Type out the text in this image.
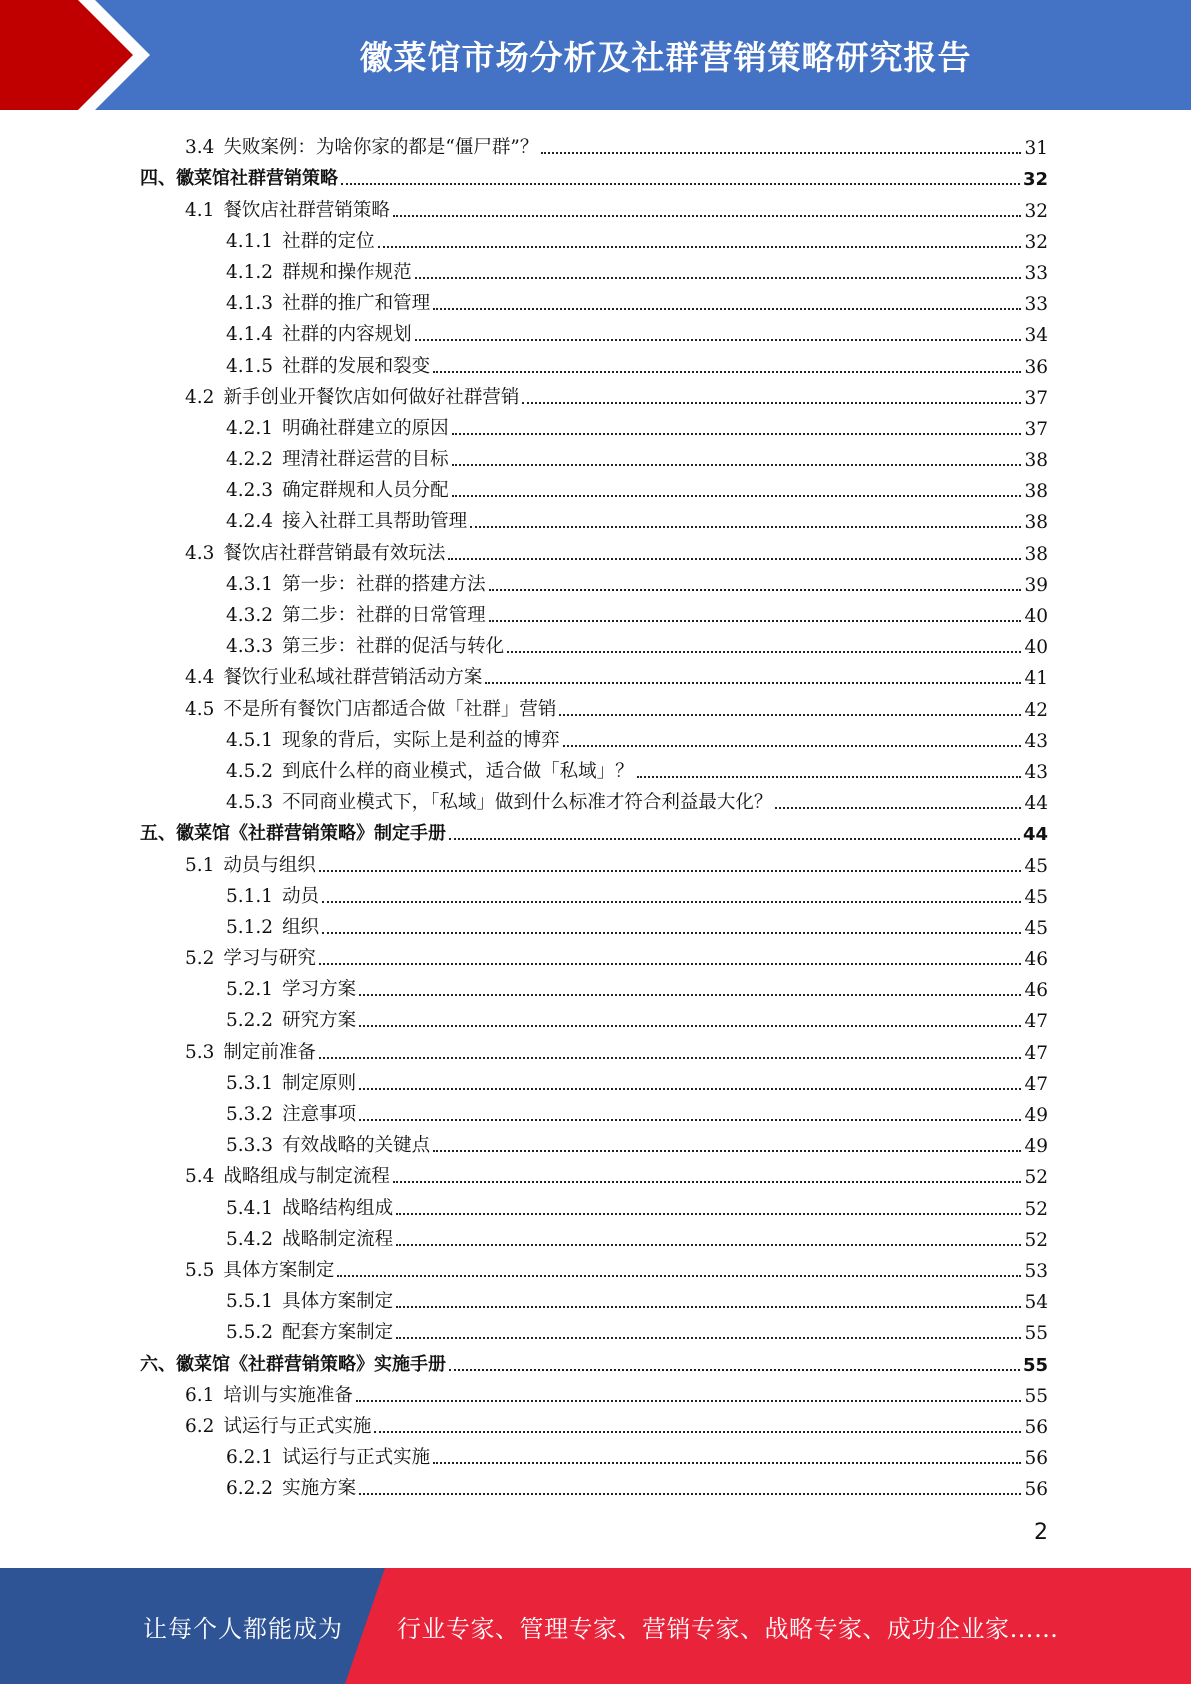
徽菜馆市场分析及社群营销策略研究报告
3.4 失败案例：为啥你家的都是“僵尸群”？	31
四、徽菜馆社群营销策略	32
4.1 餐饮店社群营销策略	32
4.1.1 社群的定位	32
4.1.2 群规和操作规范	33
4.1.3 社群的推广和管理	33
4.1.4 社群的内容规划	34
4.1.5 社群的发展和裂变	36
4.2 新手创业开餐饮店如何做好社群营销	37
4.2.1 明确社群建立的原因	37
4.2.2 理清社群运营的目标	38
4.2.3 确定群规和人员分配	38
4.2.4 接入社群工具帮助管理	38
4.3 餐饮店社群营销最有效玩法	38
4.3.1 第一步：社群的搭建方法	39
4.3.2 第二步：社群的日常管理	40
4.3.3 第三步：社群的促活与转化	40
4.4 餐饮行业私域社群营销活动方案	41
4.5 不是所有餐饮门店都适合做「社群」营销	42
4.5.1 现象的背后，实际上是利益的博弈	43
4.5.2 到底什么样的商业模式，适合做「私域」？	43
4.5.3 不同商业模式下，「私域」做到什么标准才符合利益最大化？	44
五、徽菜馆《社群营销策略》制定手册	44
5.1 动员与组织	45
5.1.1 动员	45
5.1.2 组织	45
5.2 学习与研究	46
5.2.1 学习方案	46
5.2.2 研究方案	47
5.3 制定前准备	47
5.3.1 制定原则	47
5.3.2 注意事项	49
5.3.3 有效战略的关键点	49
5.4 战略组成与制定流程	52
5.4.1 战略结构组成	52
5.4.2 战略制定流程	52
5.5 具体方案制定	53
5.5.1 具体方案制定	54
5.5.2 配套方案制定	55
六、徽菜馆《社群营销策略》实施手册	55
6.1 培训与实施准备	55
6.2 试运行与正式实施	56
6.2.1 试运行与正式实施	56
6.2.2 实施方案	56
2
让每个人都能成为 行业专家、管理专家、营销专家、战略专家、成功企业家……
